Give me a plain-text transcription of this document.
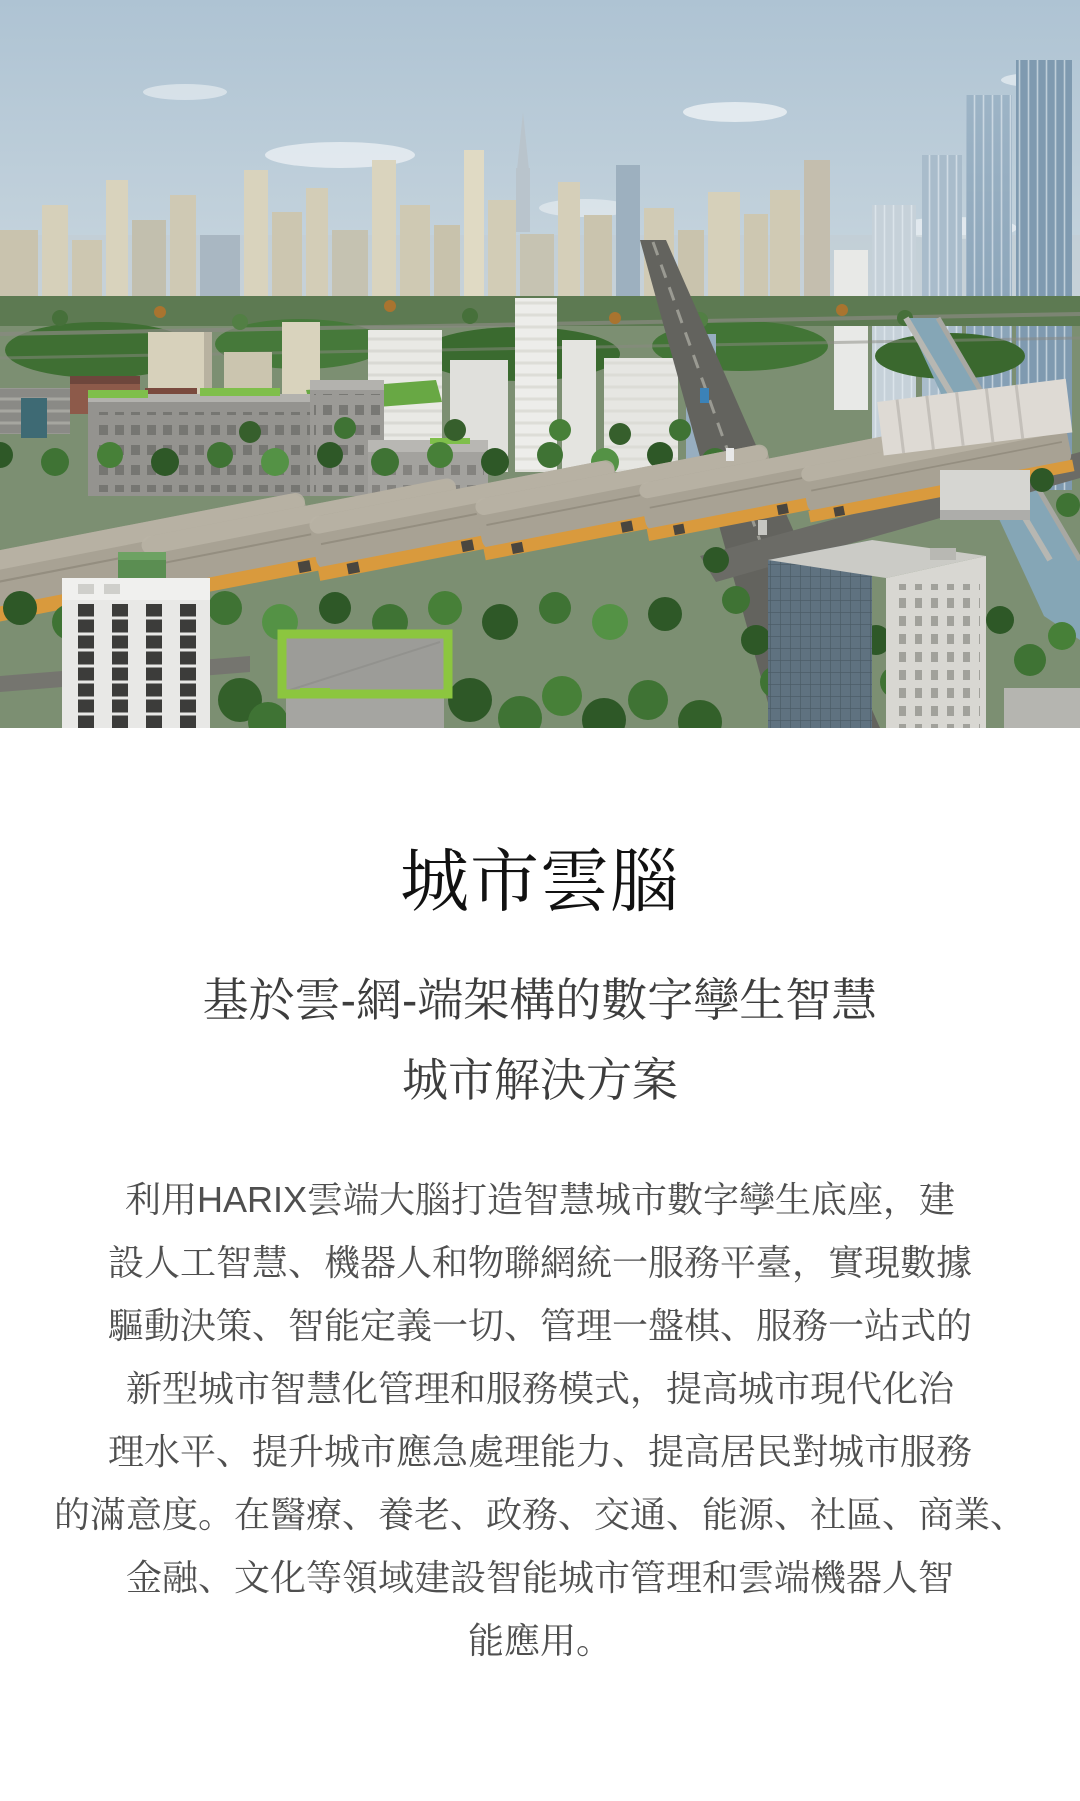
城市雲腦
基於雲-網-端架構的數字孿生智慧
城市解決方案

利用HARIX雲端大腦打造智慧城市數字孿生底座，建
設人工智慧、機器人和物聯網統一服務平臺，實現數據
驅動決策、智能定義一切、管理一盤棋、服務一站式的
新型城市智慧化管理和服務模式，提高城市現代化治
理水平、提升城市應急處理能力、提高居民對城市服務
的滿意度。在醫療、養老、政務、交通、能源、社區、商業、
金融、文化等領域建設智能城市管理和雲端機器人智
能應用。
